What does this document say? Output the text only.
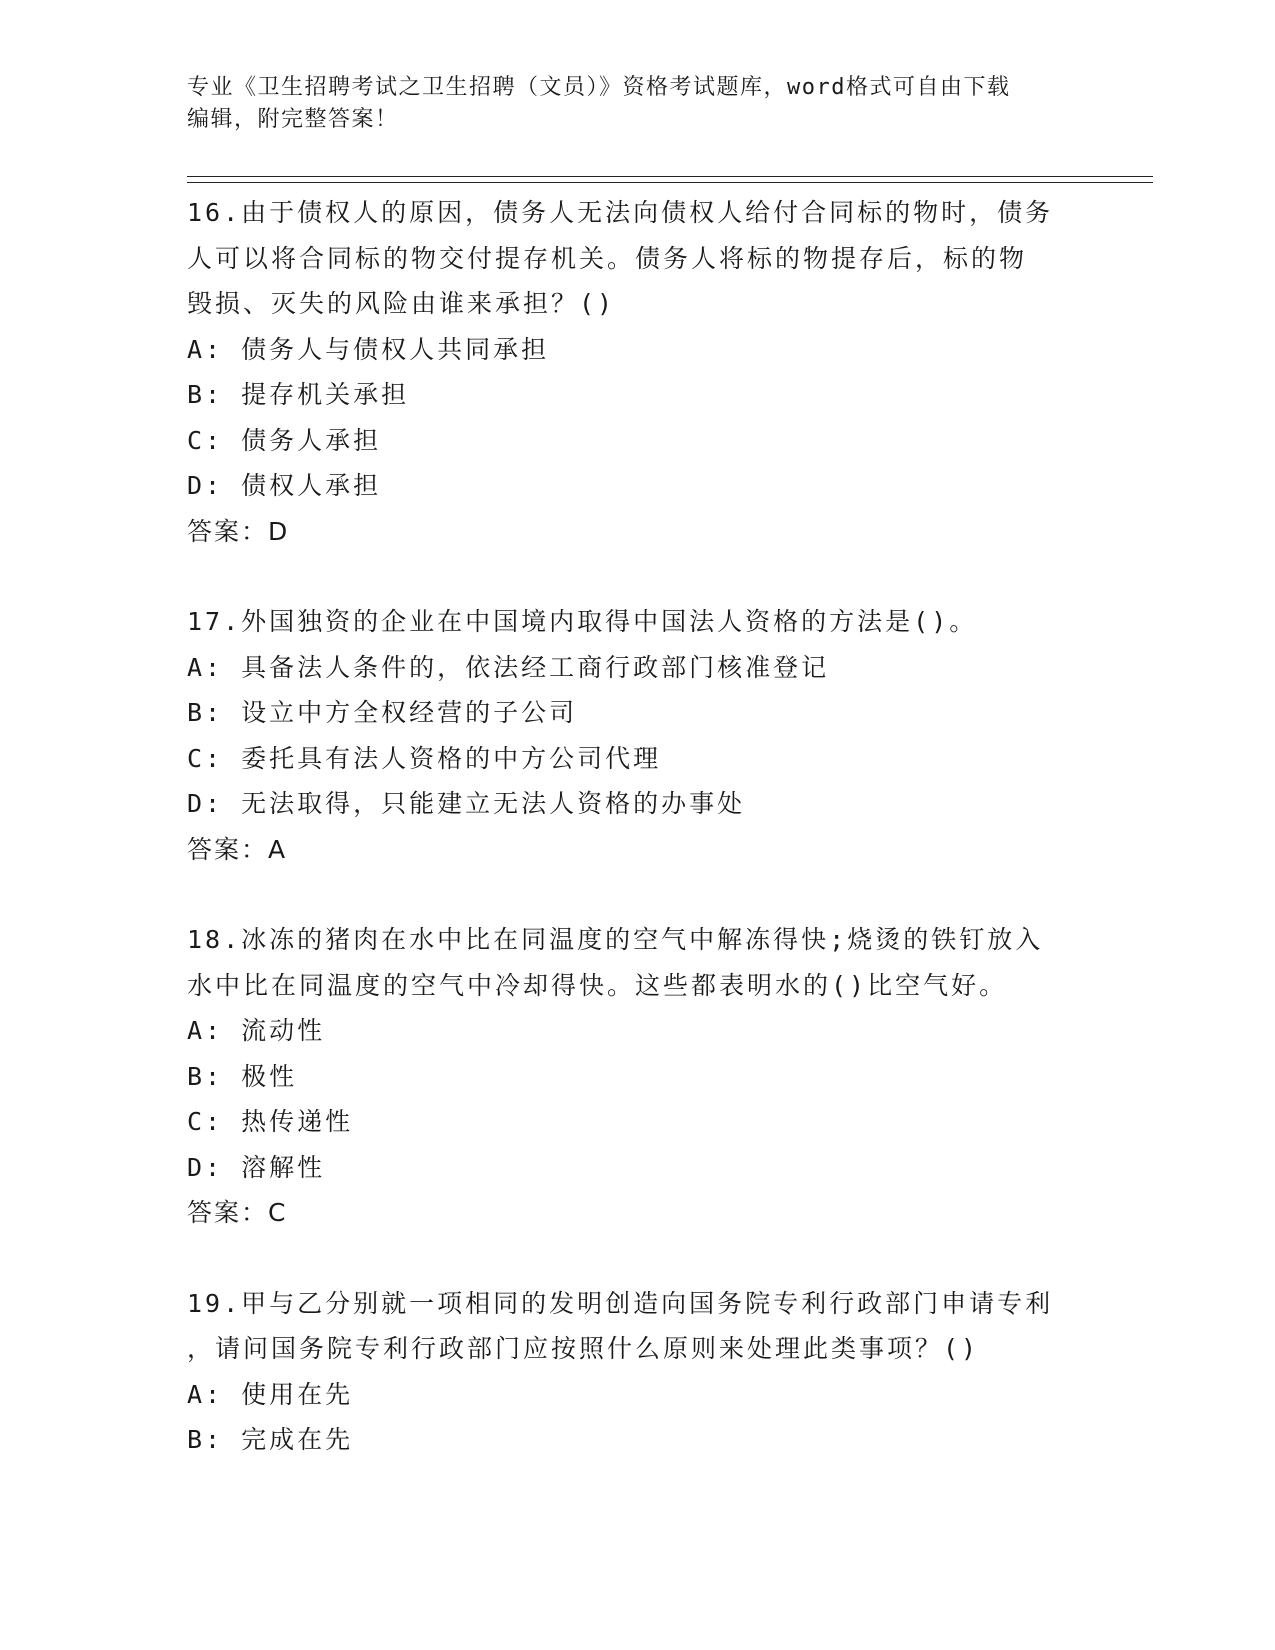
专业《卫生招聘考试之卫生招聘（文员）》资格考试题库，word格式可自由下载
编辑，附完整答案！
16.由于债权人的原因，债务人无法向债权人给付合同标的物时，债务
人可以将合同标的物交付提存机关。债务人将标的物提存后，标的物
毁损、灭失的风险由谁来承担？()
A: 债务人与债权人共同承担
B: 提存机关承担
C: 债务人承担
D: 债权人承担
答案：D
17.外国独资的企业在中国境内取得中国法人资格的方法是()。
A: 具备法人条件的，依法经工商行政部门核准登记
B: 设立中方全权经营的子公司
C: 委托具有法人资格的中方公司代理
D: 无法取得，只能建立无法人资格的办事处
答案：A
18.冰冻的猪肉在水中比在同温度的空气中解冻得快;烧烫的铁钉放入
水中比在同温度的空气中冷却得快。这些都表明水的()比空气好。
A: 流动性
B: 极性
C: 热传递性
D: 溶解性
答案：C
19.甲与乙分别就一项相同的发明创造向国务院专利行政部门申请专利
，请问国务院专利行政部门应按照什么原则来处理此类事项？()
A: 使用在先
B: 完成在先
